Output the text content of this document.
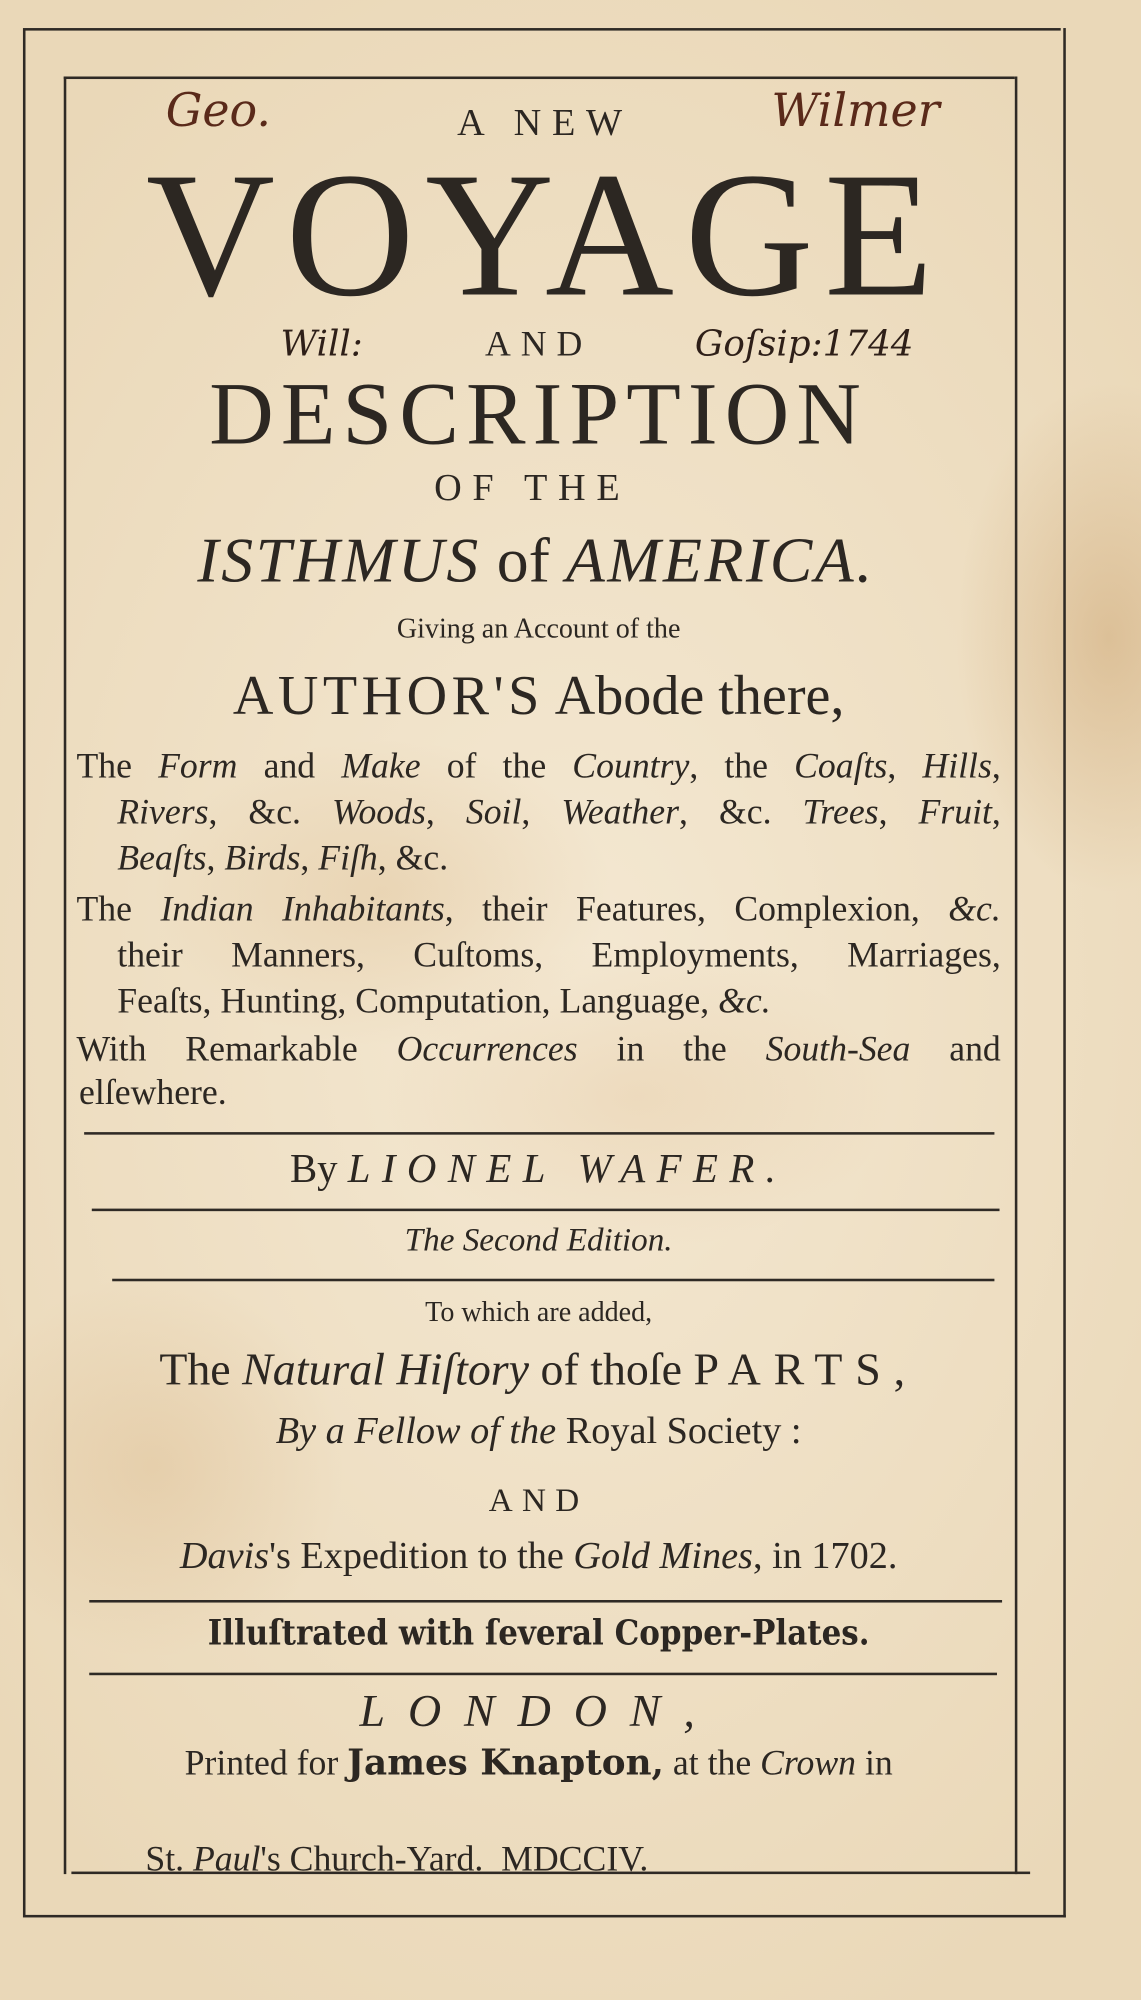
Geo.	Wilmer
Will:	Goſsip:1744
A NEW
VOYAGE
AND
DESCRIPTION
OF THE
ISTHMUS of AMERICA.
Giving an Account of the
AUTHOR'S Abode there,
The Form and Make of the Country, the Coaſts, Hills,
Rivers, &c. Woods, Soil, Weather, &c. Trees, Fruit,
Beaſts, Birds, Fiſh, &c.
The Indian Inhabitants, their Features, Complexion, &c.
their Manners, Cuſtoms, Employments, Marriages,
Feaſts, Hunting, Computation, Language, &c.
With Remarkable Occurrences in the South-Sea and
elſewhere.
By LIONEL WAFER.
The Second Edition.
To which are added,
The Natural Hiſtory of thoſe PARTS,
By a Fellow of the Royal Society :
AND
Davis's Expedition to the Gold Mines, in 1702.
Illuſtrated with ſeveral Copper-Plates.
LONDON,
Printed for James Knapton, at the Crown in

St. Paul's Church-Yard.  MDCCIV.
